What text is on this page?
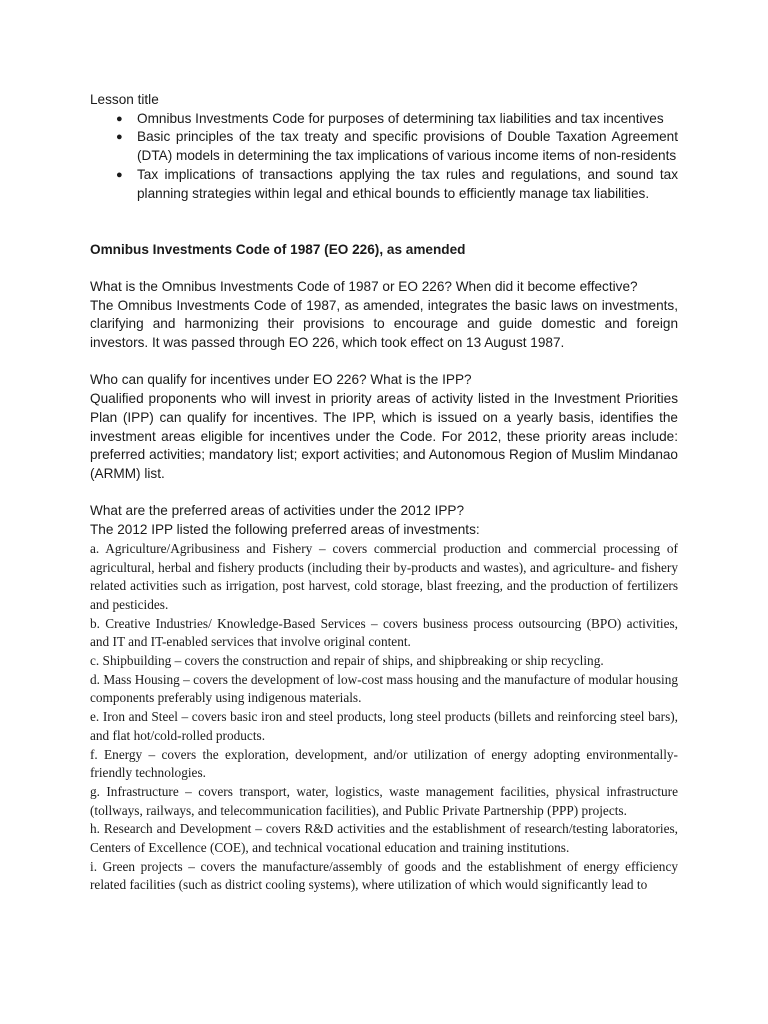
Lesson title

● Omnibus Investments Code for purposes of determining tax liabilities and tax incentives
● Basic principles of the tax treaty and specific provisions of Double Taxation Agreement (DTA) models in determining the tax implications of various income items of non-residents
● Tax implications of transactions applying the tax rules and regulations, and sound tax planning strategies within legal and ethical bounds to efficiently manage tax liabilities.

Omnibus Investments Code of 1987 (EO 226), as amended

What is the Omnibus Investments Code of 1987 or EO 226? When did it become effective?

The Omnibus Investments Code of 1987, as amended, integrates the basic laws on investments, clarifying and harmonizing their provisions to encourage and guide domestic and foreign investors. It was passed through EO 226, which took effect on 13 August 1987.

Who can qualify for incentives under EO 226? What is the IPP?

Qualified proponents who will invest in priority areas of activity listed in the Investment Priorities Plan (IPP) can qualify for incentives. The IPP, which is issued on a yearly basis, identifies the investment areas eligible for incentives under the Code. For 2012, these priority areas include: preferred activities; mandatory list; export activities; and Autonomous Region of Muslim Mindanao (ARMM) list.

What are the preferred areas of activities under the 2012 IPP?

The 2012 IPP listed the following preferred areas of investments:

a. Agriculture/Agribusiness and Fishery – covers commercial production and commercial processing of agricultural, herbal and fishery products (including their by-products and wastes), and agriculture- and fishery related activities such as irrigation, post harvest, cold storage, blast freezing, and the production of fertilizers and pesticides.

b. Creative Industries/ Knowledge-Based Services – covers business process outsourcing (BPO) activities, and IT and IT-enabled services that involve original content.

c. Shipbuilding – covers the construction and repair of ships, and shipbreaking or ship recycling.

d. Mass Housing – covers the development of low-cost mass housing and the manufacture of modular housing components preferably using indigenous materials.

e. Iron and Steel – covers basic iron and steel products, long steel products (billets and reinforcing steel bars), and flat hot/cold-rolled products.

f. Energy – covers the exploration, development, and/or utilization of energy adopting environmentally-friendly technologies.

g. Infrastructure – covers transport, water, logistics, waste management facilities, physical infrastructure (tollways, railways, and telecommunication facilities), and Public Private Partnership (PPP) projects.

h. Research and Development – covers R&D activities and the establishment of research/testing laboratories, Centers of Excellence (COE), and technical vocational education and training institutions.

i. Green projects – covers the manufacture/assembly of goods and the establishment of energy efficiency related facilities (such as district cooling systems), where utilization of which would significantly lead to
